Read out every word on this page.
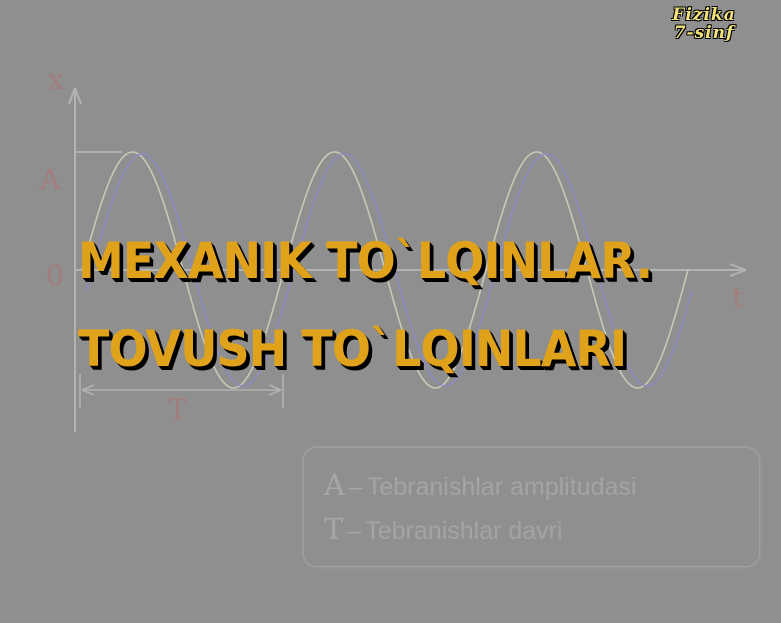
x
A
0
T
t
Fizika
7-sinf
MEXANIK TO`LQINLAR.
TOVUSH TO`LQINLARI
A – Tebranishlar amplitudasi
T – Tebranishlar davri
